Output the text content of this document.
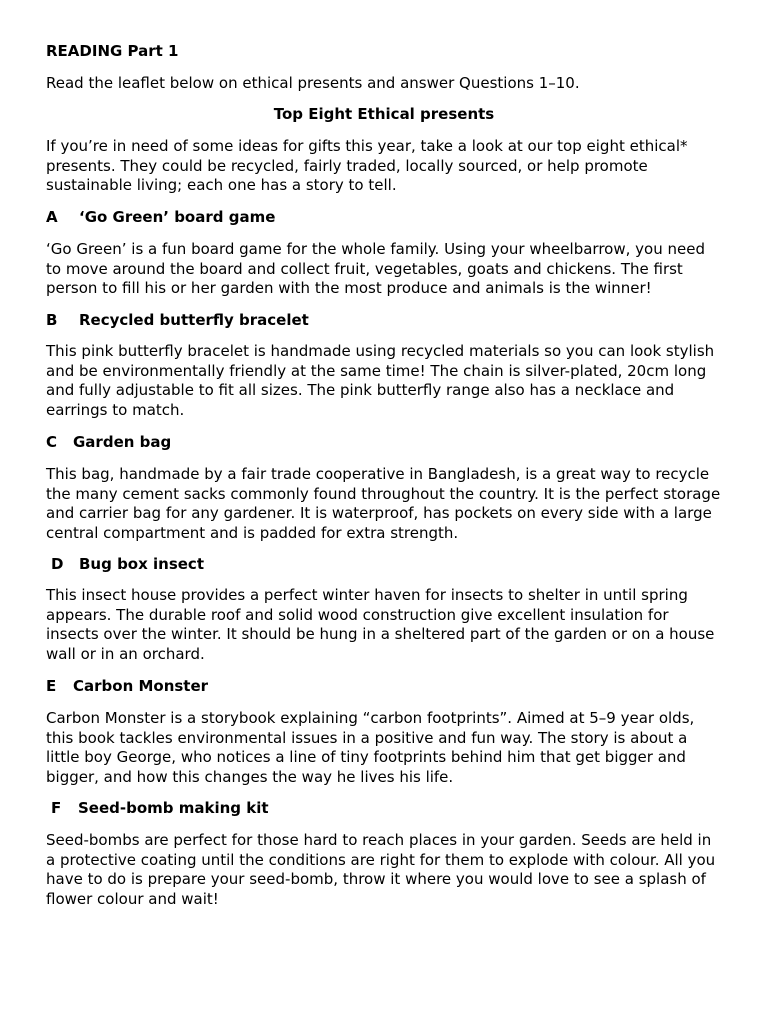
READING Part 1

Read the leaflet below on ethical presents and answer Questions 1–10.

Top Eight Ethical presents

If you’re in need of some ideas for gifts this year, take a look at our top eight ethical* presents. They could be recycled, fairly traded, locally sourced, or help promote sustainable living; each one has a story to tell.

A ‘Go Green’ board game

‘Go Green’ is a fun board game for the whole family. Using your wheelbarrow, you need to move around the board and collect fruit, vegetables, goats and chickens. The first person to fill his or her garden with the most produce and animals is the winner!

B Recycled butterfly bracelet

This pink butterfly bracelet is handmade using recycled materials so you can look stylish and be environmentally friendly at the same time! The chain is silver-plated, 20cm long and fully adjustable to fit all sizes. The pink butterfly range also has a necklace and earrings to match.

C Garden bag

This bag, handmade by a fair trade cooperative in Bangladesh, is a great way to recycle the many cement sacks commonly found throughout the country. It is the perfect storage and carrier bag for any gardener. It is waterproof, has pockets on every side with a large central compartment and is padded for extra strength.

D Bug box insect

This insect house provides a perfect winter haven for insects to shelter in until spring appears. The durable roof and solid wood construction give excellent insulation for insects over the winter. It should be hung in a sheltered part of the garden or on a house wall or in an orchard.

E Carbon Monster

Carbon Monster is a storybook explaining “carbon footprints”. Aimed at 5–9 year olds, this book tackles environmental issues in a positive and fun way. The story is about a little boy George, who notices a line of tiny footprints behind him that get bigger and bigger, and how this changes the way he lives his life.

F Seed-bomb making kit

Seed-bombs are perfect for those hard to reach places in your garden. Seeds are held in a protective coating until the conditions are right for them to explode with colour. All you have to do is prepare your seed-bomb, throw it where you would love to see a splash of flower colour and wait!
